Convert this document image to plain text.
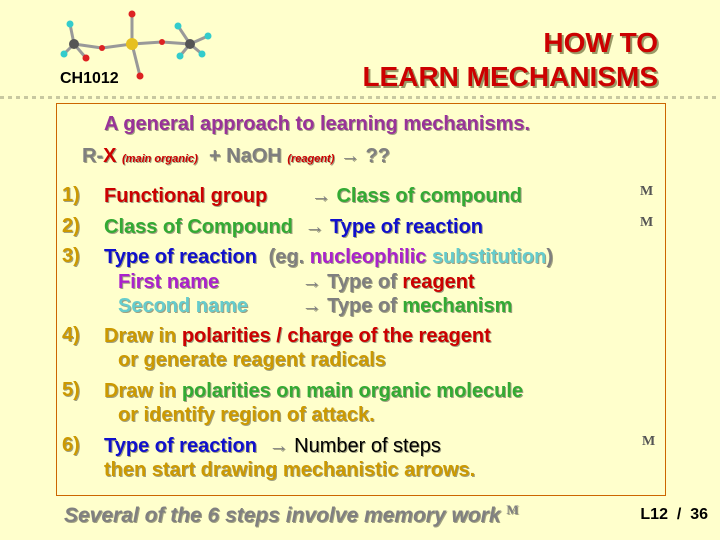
CH1012
HOW TO
LEARN MECHANISMS
A general approach to learning mechanisms.
R-X (main organic) + NaOH (reagent) → ??
1) Functional group → Class of compound	M
2) Class of Compound → Type of reaction	M
3) Type of reaction (eg. nucleophilic substitution)
First name	→ Type of reagent
Second name	→ Type of mechanism
4) Draw in polarities / charge of the reagent
or generate reagent radicals
5) Draw in polarities on main organic molecule
or identify region of attack.
6) Type of reaction → Number of steps
then start drawing mechanistic arrows.
M
Several of the 6 steps involve memory work $^M$	L12 / 36
